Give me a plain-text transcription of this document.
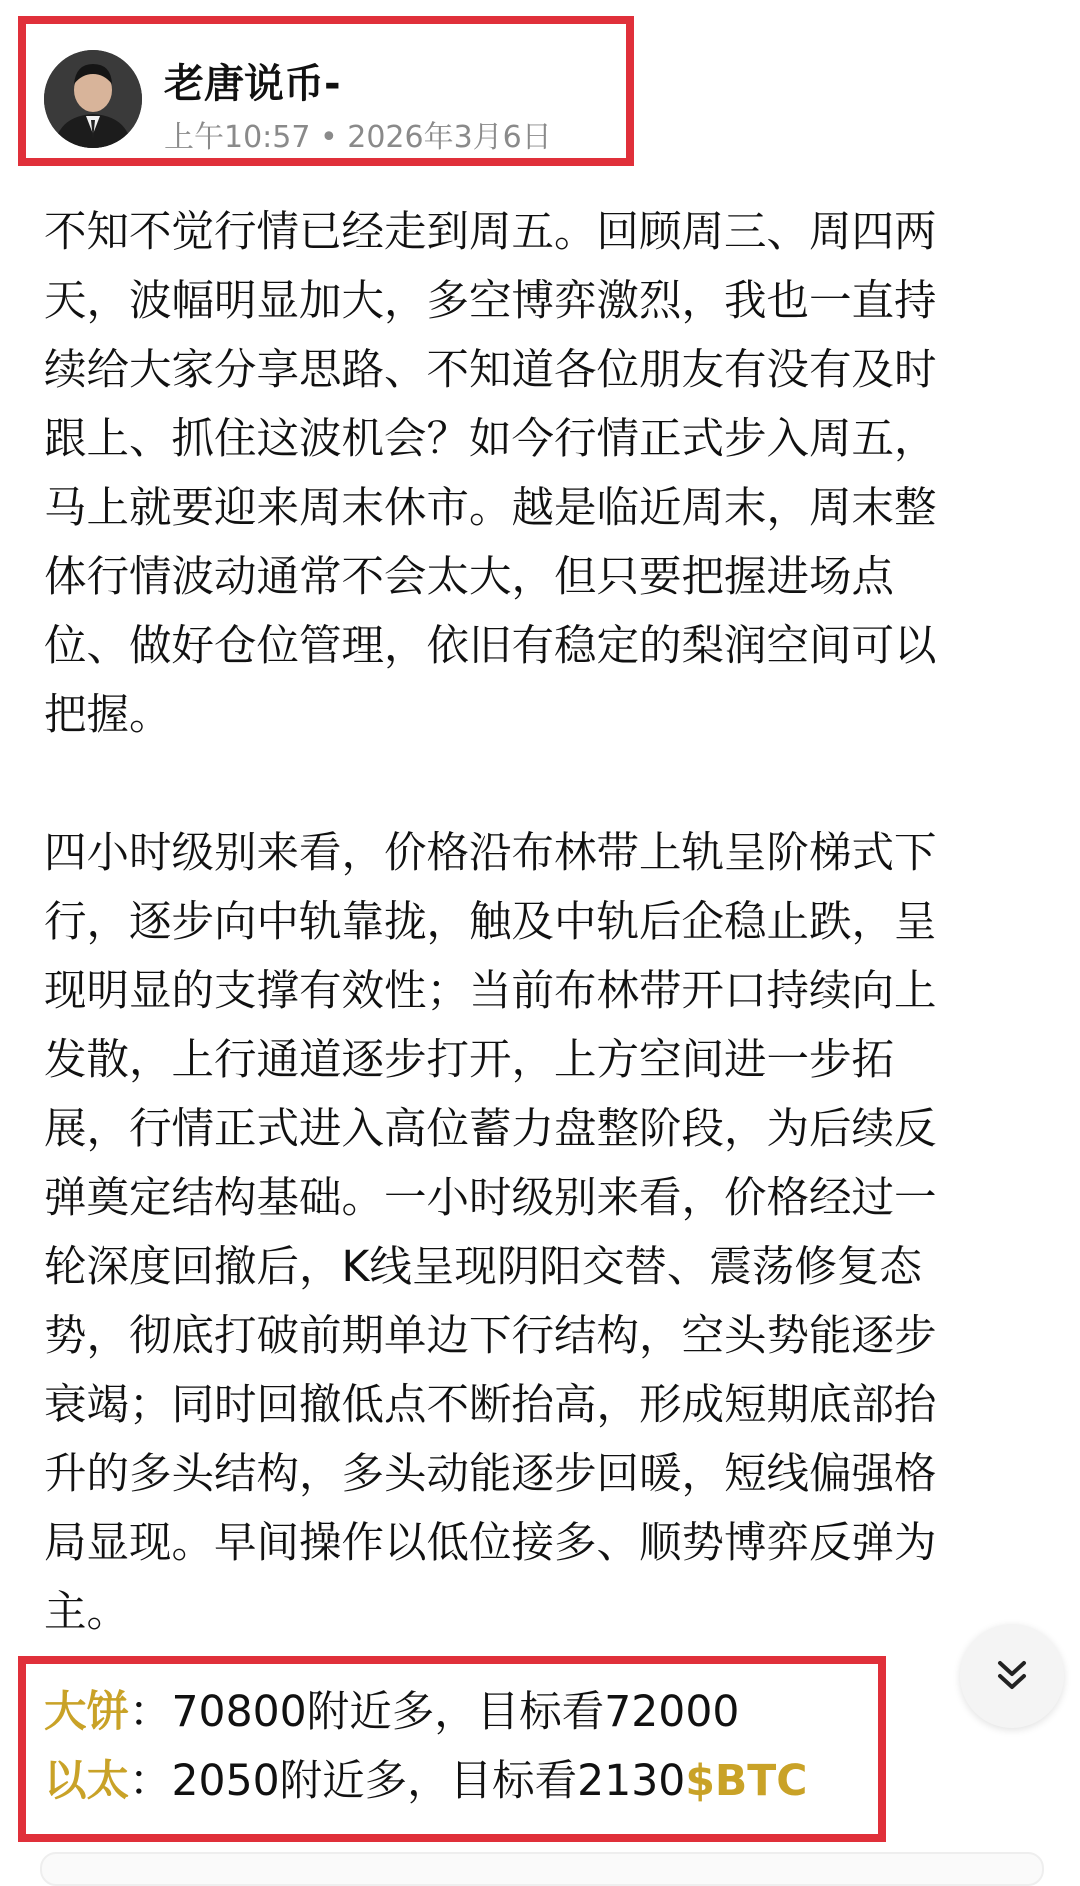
老唐说币-
上午10:57 • 2026年3月6日

不知不觉行情已经走到周五。回顾周三、周四两

天，波幅明显加大，多空博弈激烈，我也一直持

续给大家分享思路、不知道各位朋友有没有及时

跟上、抓住这波机会？如今行情正式步入周五，

马上就要迎来周末休市。越是临近周末，周末整

体行情波动通常不会太大，但只要把握进场点

位、做好仓位管理，依旧有稳定的梨润空间可以

把握。

四小时级别来看，价格沿布林带上轨呈阶梯式下

行，逐步向中轨靠拢，触及中轨后企稳止跌，呈

现明显的支撑有效性；当前布林带开口持续向上

发散，上行通道逐步打开，上方空间进一步拓

展，行情正式进入高位蓄力盘整阶段，为后续反

弹奠定结构基础。一小时级别来看，价格经过一

轮深度回撤后，K线呈现阴阳交替、震荡修复态

势，彻底打破前期单边下行结构，空头势能逐步

衰竭；同时回撤低点不断抬高，形成短期底部抬

升的多头结构，多头动能逐步回暖，短线偏强格

局显现。早间操作以低位接多、顺势博弈反弹为

主。

大饼：70800附近多，目标看72000

以太：2050附近多，目标看2130$BTC
